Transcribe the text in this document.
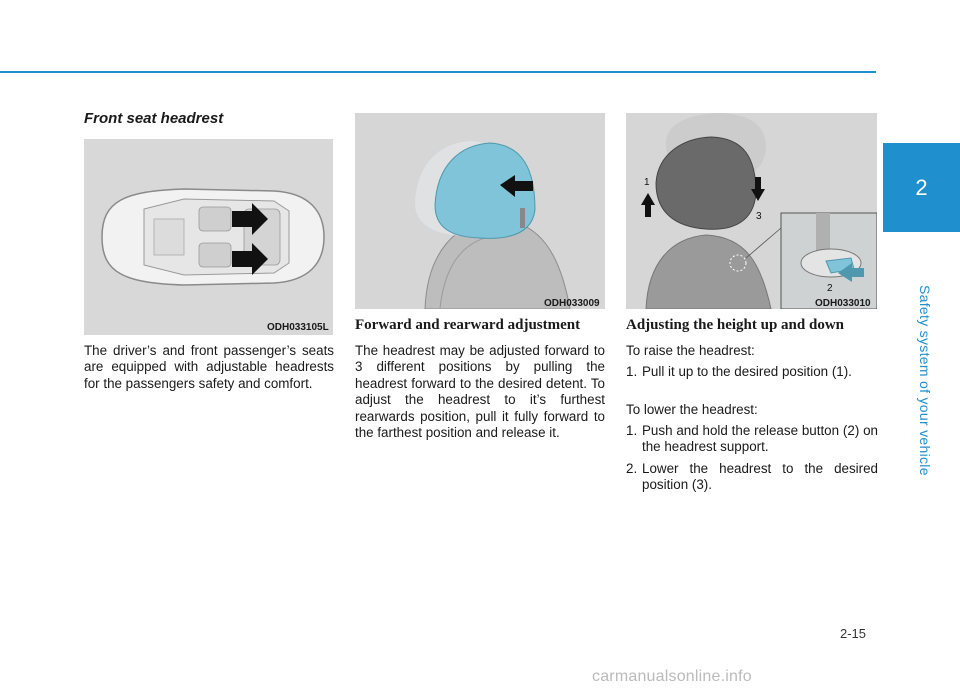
2
Safety system of your vehicle
Front seat headrest
ODH033105L
ODH033009
1
3
2
ODH033010

The driver’s and front passenger’s seats are equipped with adjustable headrests for the passengers safety and comfort.

Forward and rearward adjustment

The headrest may be adjusted forward to 3 different positions by pulling the headrest forward to the desired detent. To adjust the headrest to it’s furthest rearwards position, pull it fully forward to the farthest position and release it.

Adjusting the height up and down
To raise the headrest:
1. Pull it up to the desired position (1).
To lower the headrest:
1. Push and hold the release button (2) on the headrest support.
2. Lower the headrest to the desired position (3).
2-15
carmanualsonline.info
